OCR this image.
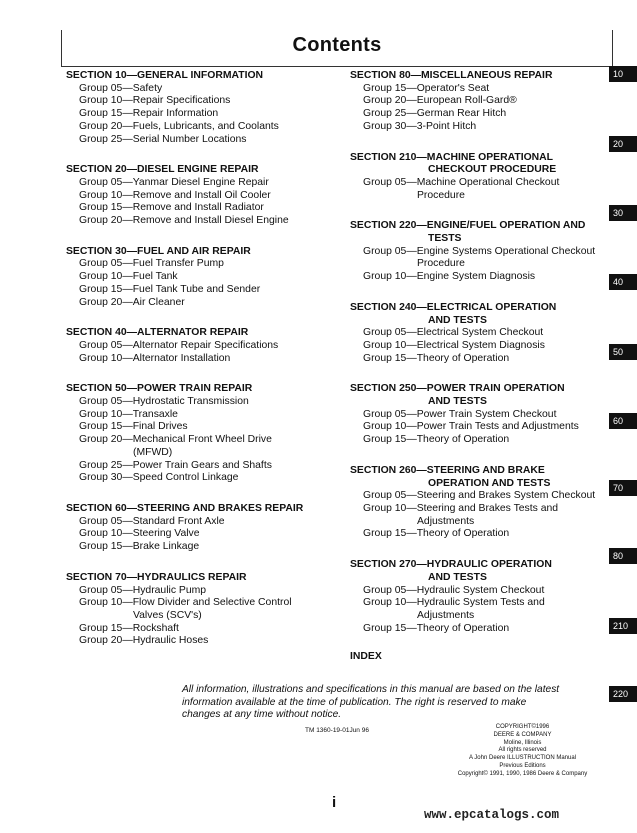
Contents
SECTION 10—GENERAL INFORMATION
Group 05—Safety
Group 10—Repair Specifications
Group 15—Repair Information
Group 20—Fuels, Lubricants, and Coolants
Group 25—Serial Number Locations
SECTION 20—DIESEL ENGINE REPAIR
Group 05—Yanmar Diesel Engine Repair
Group 10—Remove and Install Oil Cooler
Group 15—Remove and Install Radiator
Group 20—Remove and Install Diesel Engine
SECTION 30—FUEL AND AIR REPAIR
Group 05—Fuel Transfer Pump
Group 10—Fuel Tank
Group 15—Fuel Tank Tube and Sender
Group 20—Air Cleaner
SECTION 40—ALTERNATOR REPAIR
Group 05—Alternator Repair Specifications
Group 10—Alternator Installation
SECTION 50—POWER TRAIN REPAIR
Group 05—Hydrostatic Transmission
Group 10—Transaxle
Group 15—Final Drives
Group 20—Mechanical Front Wheel Drive
(MFWD)
Group 25—Power Train Gears and Shafts
Group 30—Speed Control Linkage
SECTION 60—STEERING AND BRAKES REPAIR
Group 05—Standard Front Axle
Group 10—Steering Valve
Group 15—Brake Linkage
SECTION 70—HYDRAULICS REPAIR
Group 05—Hydraulic Pump
Group 10—Flow Divider and Selective Control
Valves (SCV's)
Group 15—Rockshaft
Group 20—Hydraulic Hoses
SECTION 80—MISCELLANEOUS REPAIR
Group 15—Operator's Seat
Group 20—European Roll-Gard®
Group 25—German Rear Hitch
Group 30—3-Point Hitch
SECTION 210—MACHINE OPERATIONAL
CHECKOUT PROCEDURE
Group 05—Machine Operational Checkout
Procedure
SECTION 220—ENGINE/FUEL OPERATION AND
TESTS
Group 05—Engine Systems Operational Checkout
Procedure
Group 10—Engine System Diagnosis
SECTION 240—ELECTRICAL OPERATION
AND TESTS
Group 05—Electrical System Checkout
Group 10—Electrical System Diagnosis
Group 15—Theory of Operation
SECTION 250—POWER TRAIN OPERATION
AND TESTS
Group 05—Power Train System Checkout
Group 10—Power Train Tests and Adjustments
Group 15—Theory of Operation
SECTION 260—STEERING AND BRAKE
OPERATION AND TESTS
Group 05—Steering and Brakes System Checkout
Group 10—Steering and Brakes Tests and
Adjustments
Group 15—Theory of Operation
SECTION 270—HYDRAULIC OPERATION
AND TESTS
Group 05—Hydraulic System Checkout
Group 10—Hydraulic System Tests and
Adjustments
Group 15—Theory of Operation
INDEX
10
20
30
40
50
60
70
80
210
220
All information, illustrations and specifications in this manual are based on the latest information available at the time of publication. The right is reserved to make changes at any time without notice.
TM 1360-19-01Jun 96	COPYRIGHT©1996
DEERE & COMPANY
Moline, Illinois
All rights reserved
A John Deere ILLUSTRUCTION Manual
Previous Editions
Copyright© 1991, 1990, 1986 Deere & Company
i
www.epcatalogs.com
